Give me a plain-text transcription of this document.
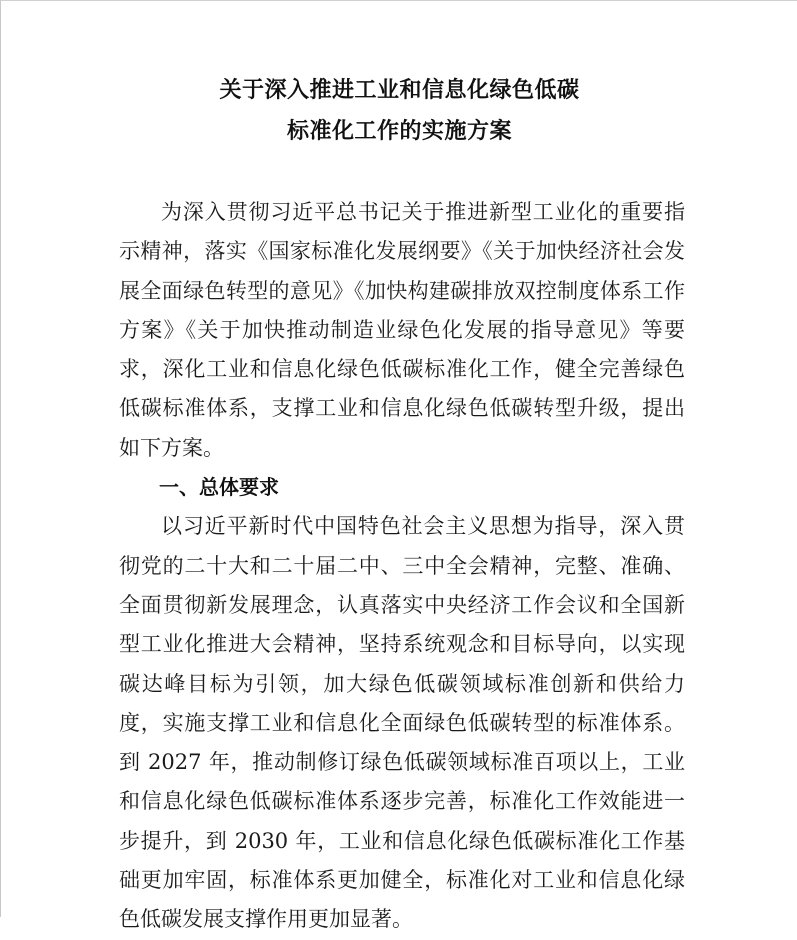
关于深入推进工业和信息化绿色低碳
标准化工作的实施方案

为深入贯彻习近平总书记关于推进新型工业化的重要指示精神，落实《国家标准化发展纲要》《关于加快经济社会发展全面绿色转型的意见》《加快构建碳排放双控制度体系工作方案》《关于加快推动制造业绿色化发展的指导意见》等要求，深化工业和信息化绿色低碳标准化工作，健全完善绿色低碳标准体系，支撑工业和信息化绿色低碳转型升级，提出如下方案。

一、总体要求

以习近平新时代中国特色社会主义思想为指导，深入贯彻党的二十大和二十届二中、三中全会精神，完整、准确、全面贯彻新发展理念，认真落实中央经济工作会议和全国新型工业化推进大会精神，坚持系统观念和目标导向，以实现碳达峰目标为引领，加大绿色低碳领域标准创新和供给力度，实施支撑工业和信息化全面绿色低碳转型的标准体系。到 2027 年，推动制修订绿色低碳领域标准百项以上，工业和信息化绿色低碳标准体系逐步完善，标准化工作效能进一步提升，到 2030 年，工业和信息化绿色低碳标准化工作基础更加牢固，标准体系更加健全，标准化对工业和信息化绿色低碳发展支撑作用更加显著。
